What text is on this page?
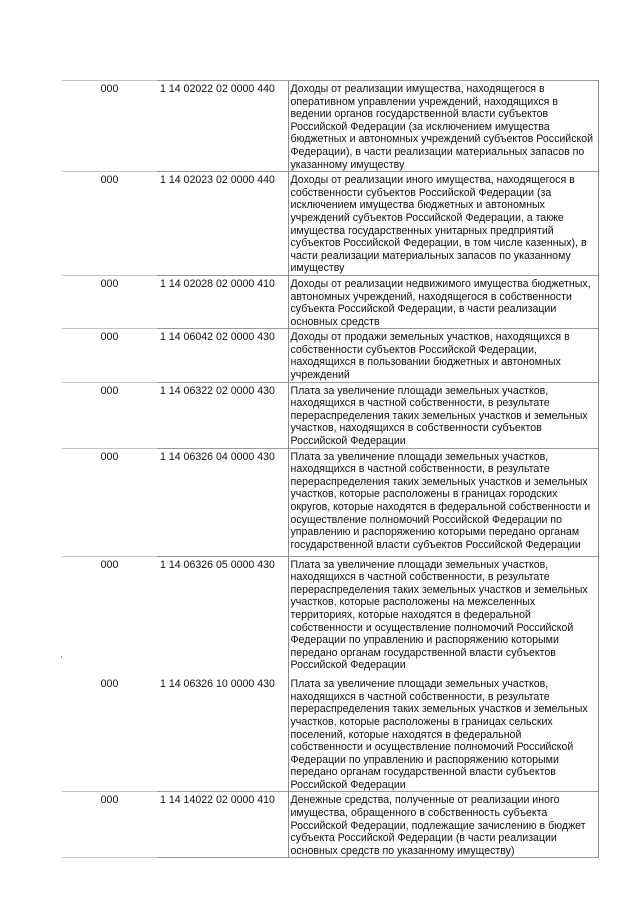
000	1 14 02022 02 0000 440	Доходы от реализации имущества, находящегося в оперативном управлении учреждений, находящихся в ведении органов государственной власти субъектов Российской Федерации (за исключением имущества бюджетных и автономных учреждений субъектов Российской Федерации), в части реализации материальных запасов по указанному имуществу
000	1 14 02023 02 0000 440	Доходы от реализации иного имущества, находящегося в собственности субъектов Российской Федерации (за исключением имущества бюджетных и автономных учреждений субъектов Российской Федерации, а также имущества государственных унитарных предприятий субъектов Российской Федерации, в том числе казенных), в части реализации материальных запасов по указанному имуществу
000	1 14 02028 02 0000 410	Доходы от реализации недвижимого имущества бюджетных, автономных учреждений, находящегося в собственности субъекта Российской Федерации, в части реализации основных средств
000	1 14 06042 02 0000 430	Доходы от продажи земельных участков, находящихся в собственности субъектов Российской Федерации, находящихся в пользовании бюджетных и автономных учреждений
000	1 14 06322 02 0000 430	Плата за увеличение площади земельных участков, находящихся в частной собственности, в результате перераспределения таких земельных участков и земельных участков, находящихся в собственности субъектов Российской Федерации
000	1 14 06326 04 0000 430	Плата за увеличение площади земельных участков, находящихся в частной собственности, в результате перераспределения таких земельных участков и земельных участков, которые расположены в границах городских округов, которые находятся в федеральной собственности и осуществление полномочий Российской Федерации по управлению и распоряжению которыми передано органам государственной власти субъектов Российской Федерации
000	1 14 06326 05 0000 430	Плата за увеличение площади земельных участков, находящихся в частной собственности, в результате перераспределения таких земельных участков и земельных участков, которые расположены на межселенных территориях, которые находятся в федеральной собственности и осуществление полномочий Российской Федерации по управлению и распоряжению которыми передано органам государственной власти субъектов Российской Федерации
000	1 14 06326 10 0000 430	Плата за увеличение площади земельных участков, находящихся в частной собственности, в результате перераспределения таких земельных участков и земельных участков, которые расположены в границах сельских поселений, которые находятся в федеральной собственности и осуществление полномочий Российской Федерации по управлению и распоряжению которыми передано органам государственной власти субъектов Российской Федерации
000	1 14 14022 02 0000 410	Денежные средства, полученные от реализации иного имущества, обращенного в собственность субъекта Российской Федерации, подлежащие зачислению в бюджет субъекта Российской Федерации (в части реализации основных средств по указанному имуществу)
